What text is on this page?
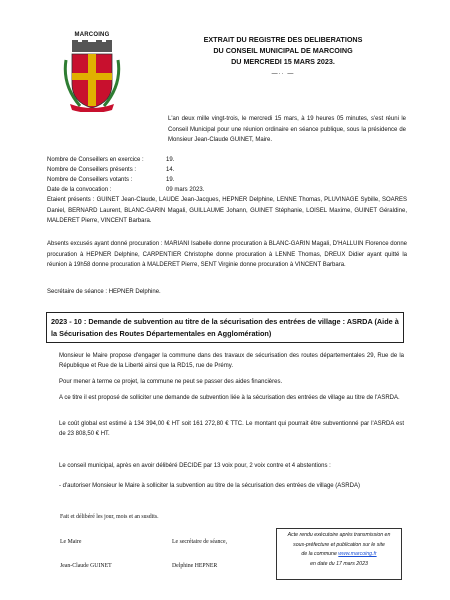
MARCOING	EXTRAIT DU REGISTRE DES DELIBERATIONS
DU CONSEIL MUNICIPAL DE MARCOING
DU MERCREDI 15 MARS 2023.
—·· —
L'an deux mille vingt-trois, le mercredi 15 mars, à 19 heures 05 minutes, s'est réuni le Conseil Municipal pour une réunion ordinaire en séance publique, sous la présidence de Monsieur Jean-Claude GUINET, Maire.
Nombre de Conseillers en exercice :	19.
Nombre de Conseillers présents :	14.
Nombre de Conseillers votants :	19.
Date de la convocation :	09 mars 2023.
Etaient présents : GUINET Jean-Claude, LAUDE Jean-Jacques, HEPNER Delphine, LENNE Thomas, PLUVINAGE Sybille, SOARES Daniel, BERNARD Laurent, BLANC-GARIN Magali, GUILLAUME Johann, GUINET Stéphanie, LOISEL Maxime, GUINET Géraldine, MALDERET Pierre, VINCENT Barbara.
Absents excusés ayant donné procuration : MARIANI Isabelle donne procuration à BLANC-GARIN Magali, D'HALLUIN Florence donne procuration à HEPNER Delphine, CARPENTIER Christophe donne procuration à LENNE Thomas, DREUX Didier ayant quitté la réunion à 19h58 donne procuration à MALDERET Pierre, SENT Virginie donne procuration à VINCENT Barbara.
Secrétaire de séance : HEPNER Delphine.
2023 - 10 : Demande de subvention au titre de la sécurisation des entrées de village : ASRDA (Aide à la Sécurisation des Routes Départementales en Agglomération)
Monsieur le Maire propose d'engager la commune dans des travaux de sécurisation des routes départementales 29, Rue de la République et Rue de la Liberté ainsi que la RD15, rue de Prémy.
Pour mener à terme ce projet, la commune ne peut se passer des aides financières.
A ce titre il est proposé de solliciter une demande de subvention liée à la sécurisation des entrées de village au titre de l'ASRDA.
Le coût global est estimé à 134 394,00 € HT soit 161 272,80 € TTC. Le montant qui pourrait être subventionné par l'ASRDA est de 23 808,50 € HT.
Le conseil municipal, après en avoir délibéré DECIDE par 13 voix pour, 2 voix contre et 4 abstentions :
- d'autoriser Monsieur le Maire à solliciter la subvention au titre de la sécurisation des entrées de village (ASRDA)
Fait et délibéré les jour, mois et an susdits.
Le Maire
Jean-Claude GUINET
Le secrétaire de séance,
Delphine HEPNER
Acte rendu exécutoire après transmission en
sous-préfecture et publication sur le site
de la commune www.marcoing.fr
en date du 17 mars 2023
